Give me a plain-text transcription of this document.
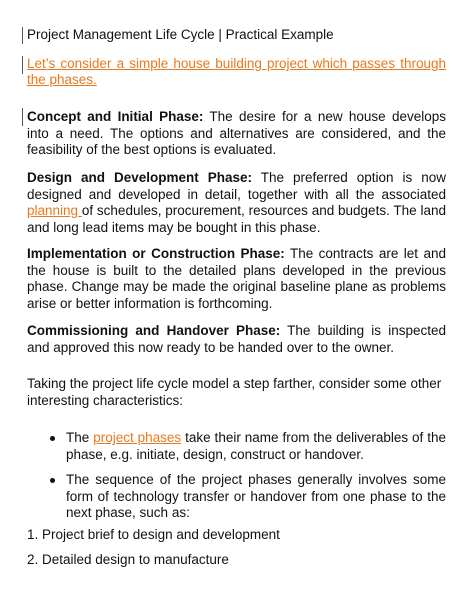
Project Management Life Cycle | Practical Example
Let’s consider a simple house building project which passes through the phases.
Concept and Initial Phase: The desire for a new house develops into a need. The options and alternatives are considered, and the feasibility of the best options is evaluated.
Design and Development Phase: The preferred option is now designed and developed in detail, together with all the associated planning of schedules, procurement, resources and budgets. The land and long lead items may be bought in this phase.
Implementation or Construction Phase: The contracts are let and the house is built to the detailed plans developed in the previous phase. Change may be made the original baseline plane as problems arise or better information is forthcoming.
Commissioning and Handover Phase: The building is inspected and approved this now ready to be handed over to the owner.
Taking the project life cycle model a step farther, consider some other interesting characteristics:
The project phases take their name from the deliverables of the phase, e.g. initiate, design, construct or handover.
The sequence of the project phases generally involves some form of technology transfer or handover from one phase to the next phase, such as:
1. Project brief to design and development
2. Detailed design to manufacture
